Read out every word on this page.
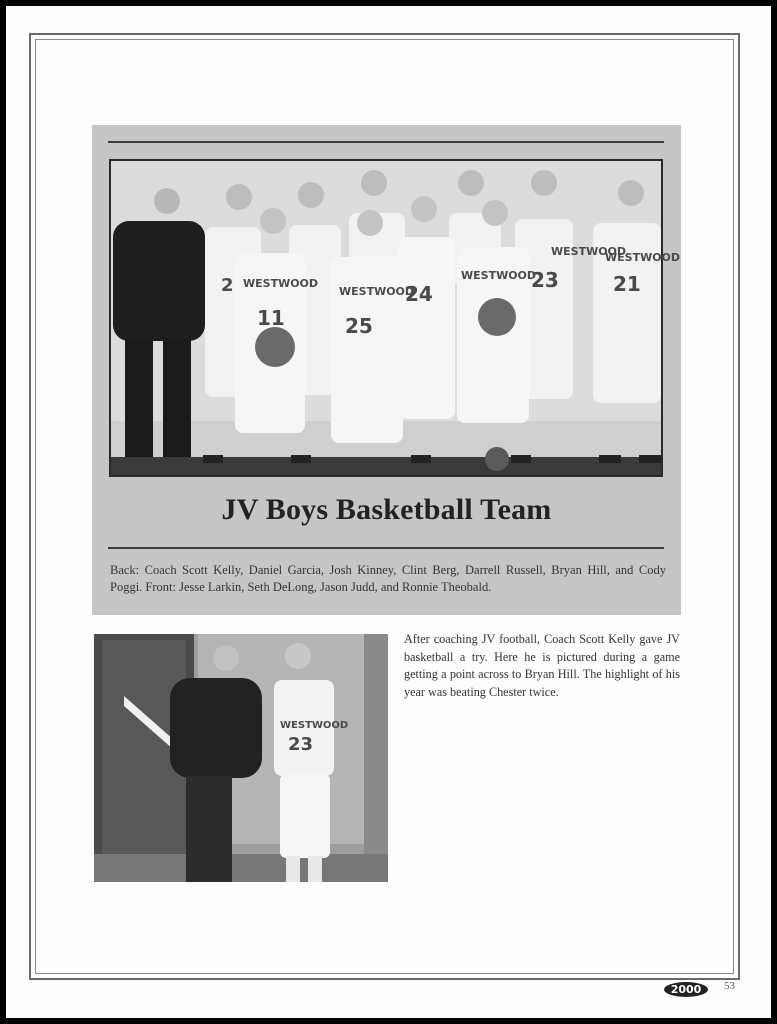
WESTWOOD
WESTWOOD
WESTWOOD
WESTWOOD
WESTWOOD
2
11	25
24
23	21
JV Boys Basketball Team
Back: Coach Scott Kelly, Daniel Garcia, Josh Kinney, Clint Berg, Darrell Russell, Bryan Hill, and Cody Poggi. Front: Jesse Larkin, Seth DeLong, Jason Judd, and Ronnie Theobald.
WESTWOOD
23
After coaching JV football, Coach Scott Kelly gave JV basketball a try. Here he is pictured during a game getting a point across to Bryan Hill. The highlight of his year was beating Chester twice.
2000	53
